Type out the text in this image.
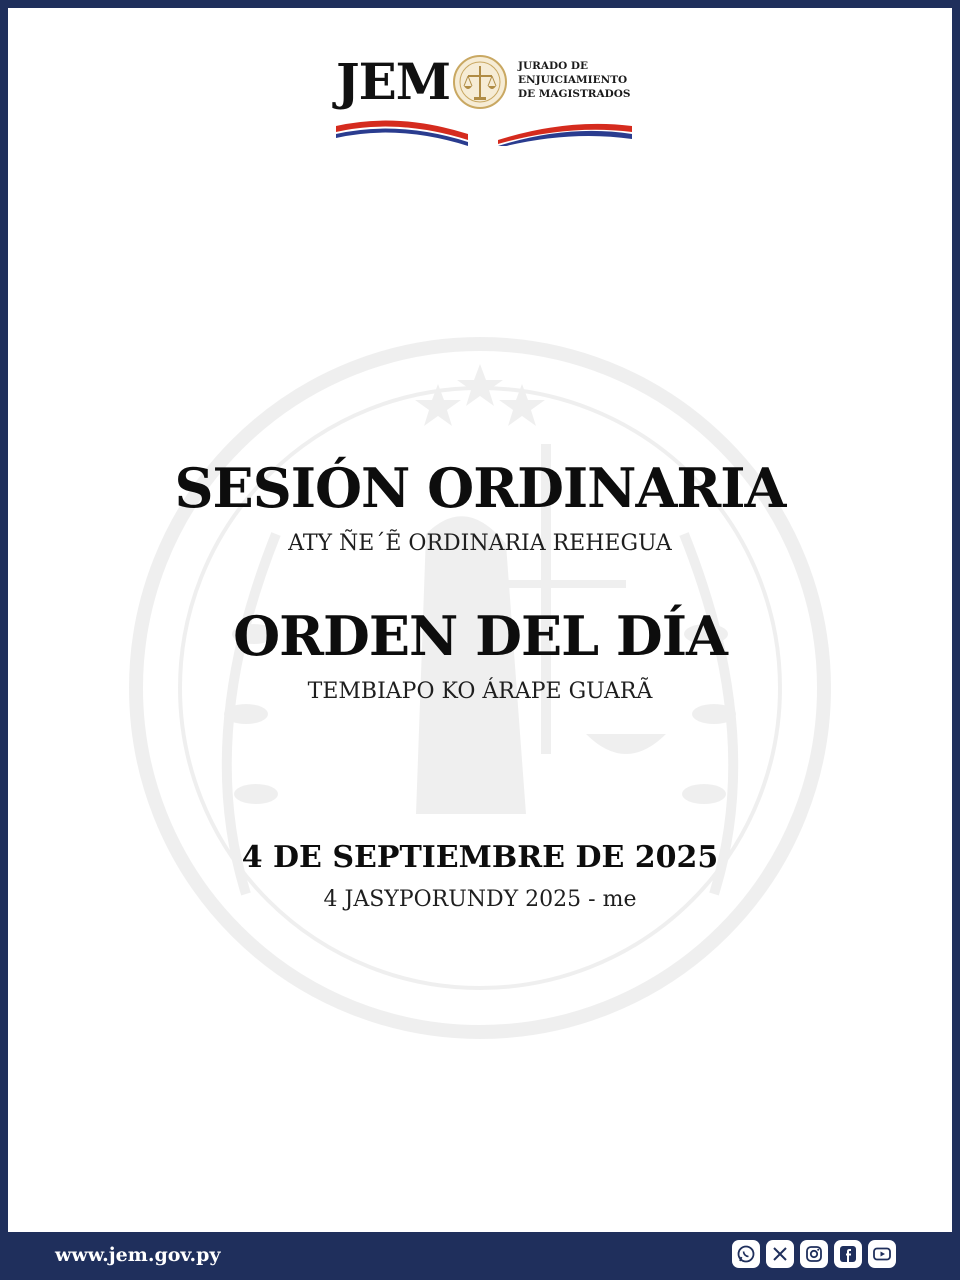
JEM	JURADO DE
ENJUICIAMIENTO
DE MAGISTRADOS
SESIÓN ORDINARIA
ATY ÑE´Ẽ ORDINARIA REHEGUA
ORDEN DEL DÍA
TEMBIAPO KO ÁRAPE GUARÃ
4 DE SEPTIEMBRE DE 2025
4 JASYPORUNDY 2025 - me
www.jem.gov.py
